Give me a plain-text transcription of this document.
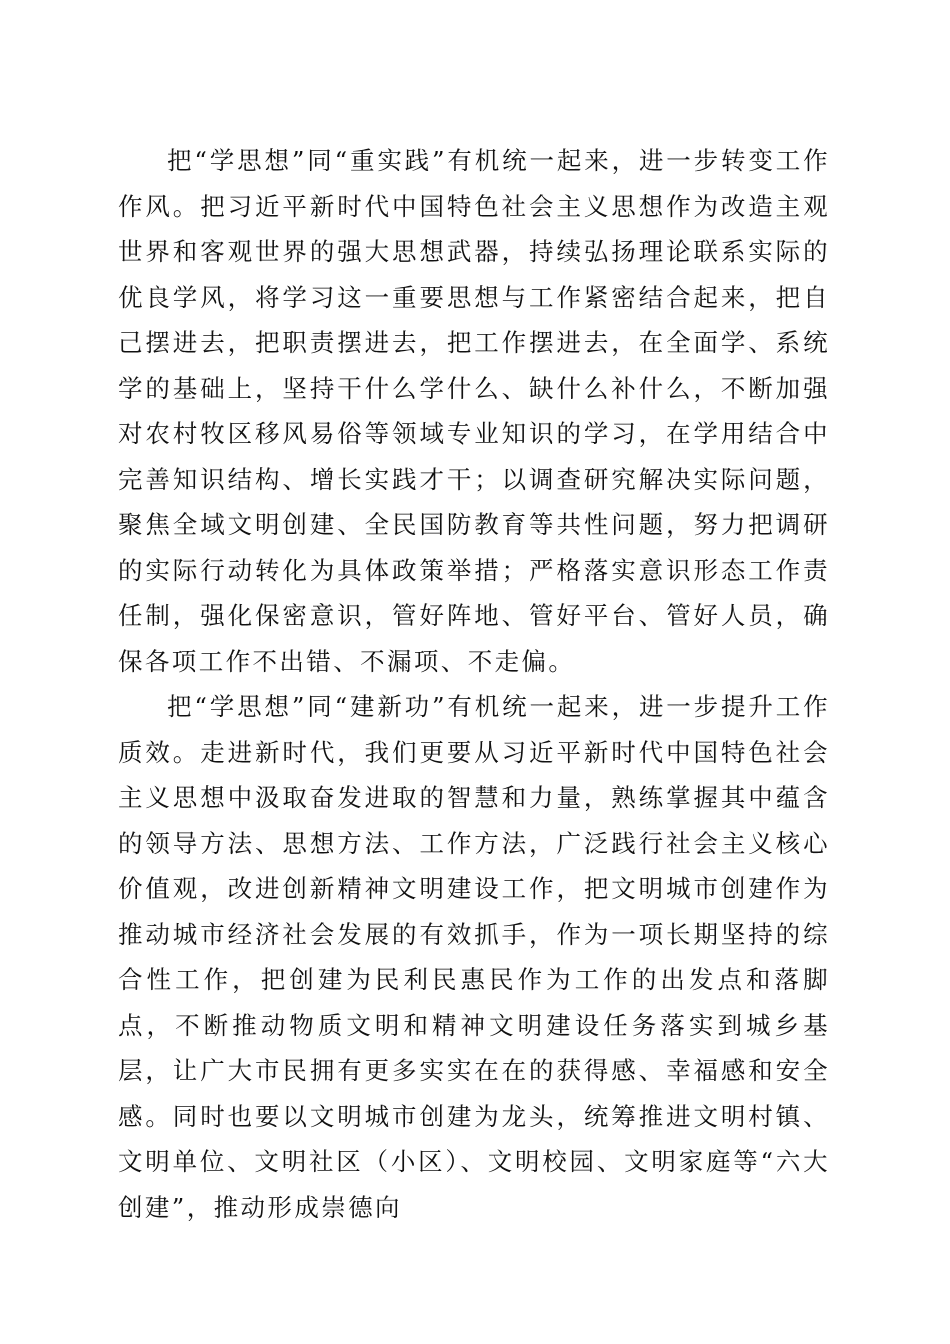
把“学思想”同“重实践”有机统一起来，进一步转变工作作风。把习近平新时代中国特色社会主义思想作为改造主观世界和客观世界的强大思想武器，持续弘扬理论联系实际的优良学风，将学习这一重要思想与工作紧密结合起来，把自己摆进去，把职责摆进去，把工作摆进去，在全面学、系统学的基础上，坚持干什么学什么、缺什么补什么，不断加强对农村牧区移风易俗等领域专业知识的学习，在学用结合中完善知识结构、增长实践才干；以调查研究解决实际问题，聚焦全域文明创建、全民国防教育等共性问题，努力把调研的实际行动转化为具体政策举措；严格落实意识形态工作责任制，强化保密意识，管好阵地、管好平台、管好人员，确保各项工作不出错、不漏项、不走偏。

把“学思想”同“建新功”有机统一起来，进一步提升工作质效。走进新时代，我们更要从习近平新时代中国特色社会主义思想中汲取奋发进取的智慧和力量，熟练掌握其中蕴含的领导方法、思想方法、工作方法，广泛践行社会主义核心价值观，改进创新精神文明建设工作，把文明城市创建作为推动城市经济社会发展的有效抓手，作为一项长期坚持的综合性工作，把创建为民利民惠民作为工作的出发点和落脚点，不断推动物质文明和精神文明建设任务落实到城乡基层，让广大市民拥有更多实实在在的获得感、幸福感和安全感。同时也要以文明城市创建为龙头，统筹推进文明村镇、文明单位、文明社区（小区）、文明校园、文明家庭等“六大创建”，推动形成崇德向
